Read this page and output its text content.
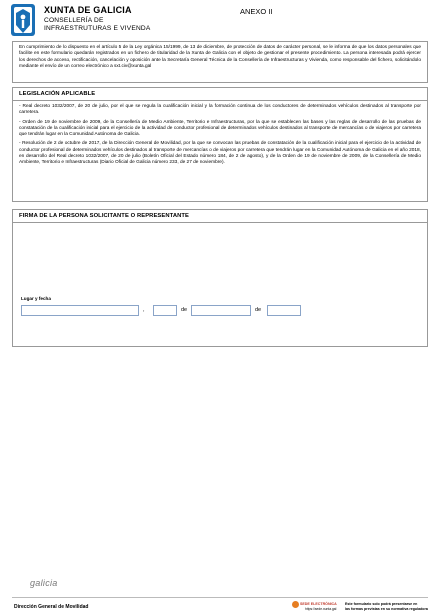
XUNTA DE GALICIA
CONSELLERÍA DE
INFRAESTRUTURAS E VIVENDA
ANEXO II

En cumprimiento de lo dispuesto en el artículo 5 de la Ley orgánica 15/1999, de 13 de diciembre, de protección de datos de carácter personal, se le informa de que los datos personales que facilite en este formulario quedarán registrados en un fichero de titularidad de la Xunta de Galicia con el objeto de gestionar el presente procedimiento. La persona interesada podrá ejercer los derechos de acceso, rectificación, cancelación y oposición ante la Secretaría General Técnica de la Consellería de Infraestructuras y Vivienda, como responsable del fichero, solicitándolo mediante el envío de un correo electrónico a sxt.civ@xunta.gal

LEGISLACIÓN APLICABLE

- Real decreto 1032/2007, de 20 de julio, por el que se regula la cualificación inicial y la formación continua de los conductores de determinados vehículos destinados al transporte por carretera.

- Orden de 19 de noviembre de 2009, de la Consellería de Medio Ambiente, Territorio e Infraestructuras, por la que se establecen las bases y las reglas de desarrollo de las pruebas de constatación de la cualificación inicial para el ejercicio de la actividad de conductor profesional de determinados vehículos destinados al transporte de mercancías o de viajeros por carretera que tendrán lugar en la Comunidad Autónoma de Galicia.

- Resolución de 2 de octubre de 2017, de la Dirección General de Movilidad, por la que se convocan las pruebas de constatación de la cualificación inicial para el ejercicio de la actividad de conductor profesional de determinados vehículos destinados al transporte de mercancías o de viajeros por carretera que tendrán lugar en la Comunidad Autónoma de Galicia en el año 2018, en desarrollo del Real decreto 1032/2007, de 20 de julio (Boletín Oficial del Estado número 184, de 2 de agosto), y de la Orden de 19 de noviembre de 2009, de la Consellería de Medio Ambiente, Territorio e Infraestructuras (Diario Oficial de Galicia número 233, de 27 de noviembre).

FIRMA DE LA PERSONA SOLICITANTE O REPRESENTANTE
Lugar y fecha
,	de	de
galicia
Dirección General de Movilidad	SEDE ELECTRÓNICA
https://sede.xunta.gal
Este formulario solo podrá presentarse en
las formas previstas en su normativa reguladora
